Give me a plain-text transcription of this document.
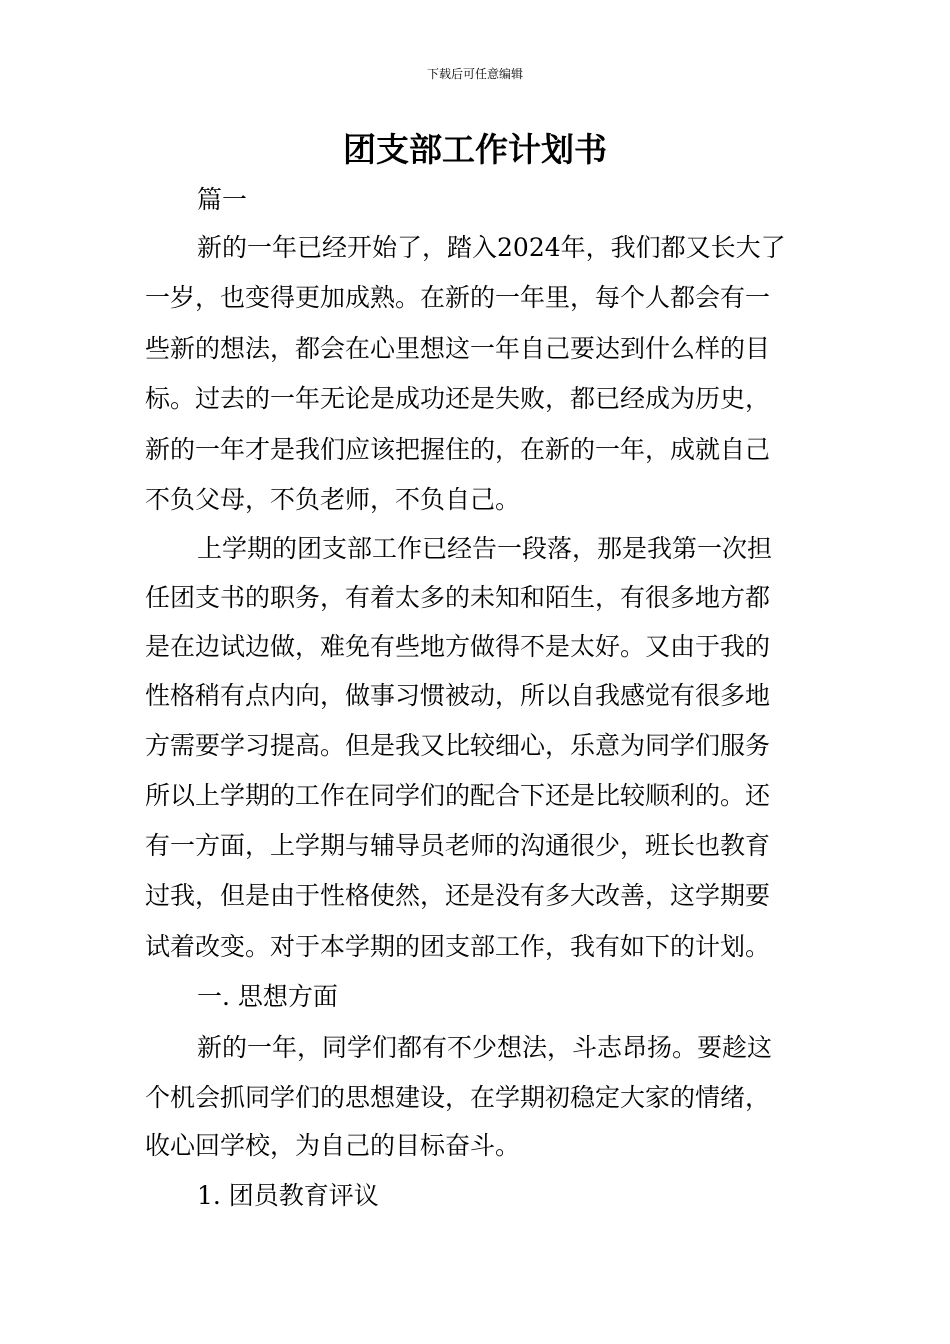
下载后可任意编辑
团支部工作计划书
篇一
新的一年已经开始了，踏入2024年，我们都又长大了
一岁，也变得更加成熟。在新的一年里，每个人都会有一
些新的想法，都会在心里想这一年自己要达到什么样的目
标。过去的一年无论是成功还是失败，都已经成为历史，
新的一年才是我们应该把握住的，在新的一年，成就自己
不负父母，不负老师，不负自己。
上学期的团支部工作已经告一段落，那是我第一次担
任团支书的职务，有着太多的未知和陌生，有很多地方都
是在边试边做，难免有些地方做得不是太好。又由于我的
性格稍有点内向，做事习惯被动，所以自我感觉有很多地
方需要学习提高。但是我又比较细心，乐意为同学们服务
所以上学期的工作在同学们的配合下还是比较顺利的。还
有一方面，上学期与辅导员老师的沟通很少，班长也教育
过我，但是由于性格使然，还是没有多大改善，这学期要
试着改变。对于本学期的团支部工作，我有如下的计划。
一. 思想方面
新的一年，同学们都有不少想法，斗志昂扬。要趁这
个机会抓同学们的思想建设，在学期初稳定大家的情绪，
收心回学校，为自己的目标奋斗。
1. 团员教育评议
